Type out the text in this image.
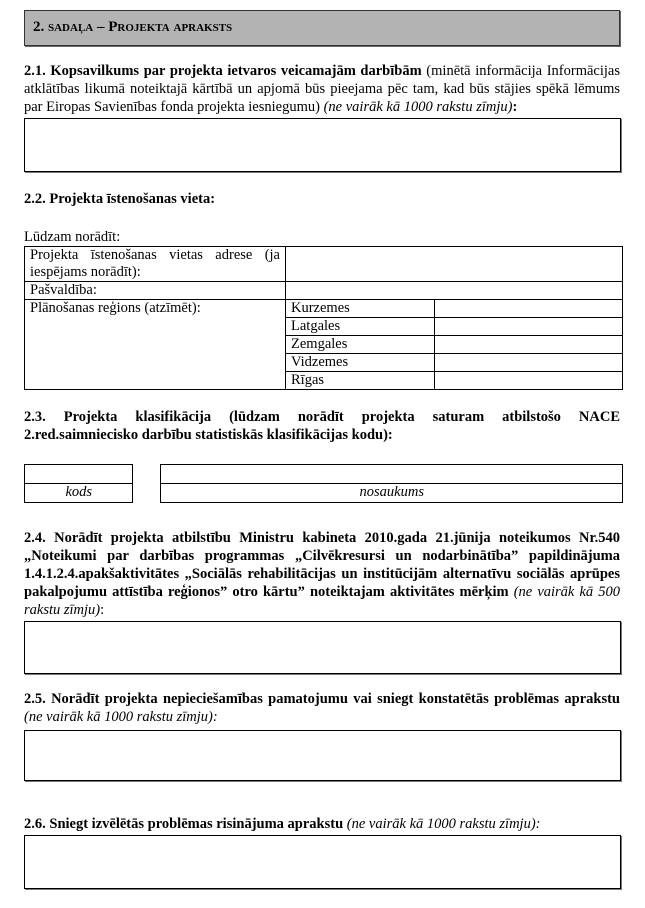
2. sadaļa – Projekta apraksts
2.1. Kopsavilkums par projekta ietvaros veicamajām darbībām (minētā informācija Informācijas atklātības likumā noteiktajā kārtībā un apjomā būs pieejama pēc tam, kad būs stājies spēkā lēmums par Eiropas Savienības fonda projekta iesniegumu) (ne vairāk kā 1000 rakstu zīmju):
2.2. Projekta īstenošanas vieta:
Lūdzam norādīt:
Projekta īstenošanas vietas adrese (ja iespējams norādīt):		
Pašvaldība:		
Plānošanas reģions (atzīmēt):	Kurzemes	
	Latgales	
	Zemgales	
	Vidzemes	
	Rīgas	
2.3. Projekta klasifikācija (lūdzam norādīt projekta saturam atbilstošo NACE 2.red.saimniecisko darbību statistiskās klasifikācijas kodu):

kods	nosaukums
2.4. Norādīt projekta atbilstību Ministru kabineta 2010.gada 21.jūnija noteikumos Nr.540 „Noteikumi par darbības programmas „Cilvēkresursi un nodarbinātība” papildinājuma 1.4.1.2.4.apakšaktivitātes „Sociālās rehabilitācijas un institūcijām alternatīvu sociālās aprūpes pakalpojumu attīstība reģionos” otro kārtu” noteiktajam aktivitātes mērķim (ne vairāk kā 500 rakstu zīmju):
2.5. Norādīt projekta nepieciešamības pamatojumu vai sniegt konstatētās problēmas aprakstu (ne vairāk kā 1000 rakstu zīmju):
2.6. Sniegt izvēlētās problēmas risinājuma aprakstu (ne vairāk kā 1000 rakstu zīmju):
